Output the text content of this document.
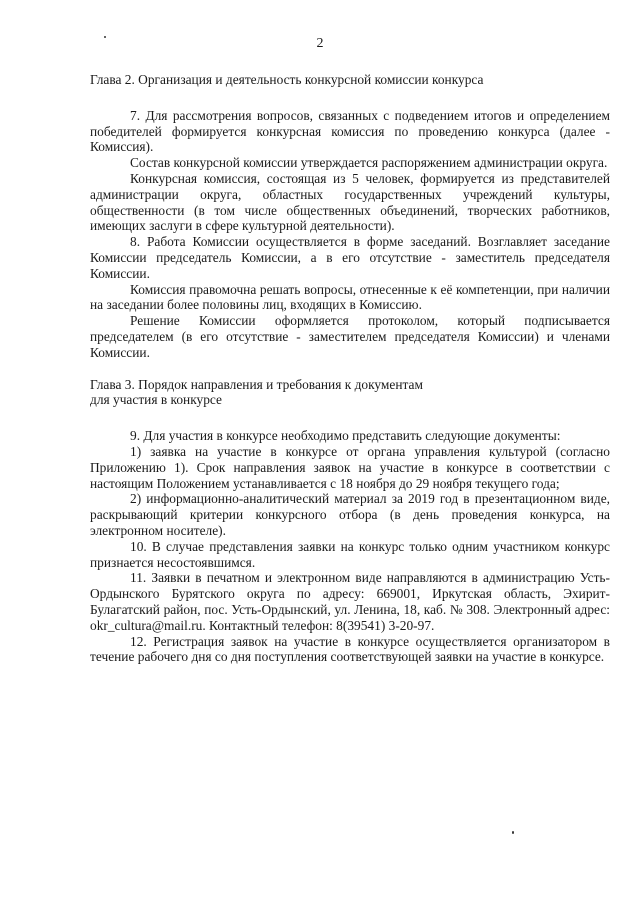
2

Глава 2. Организация и деятельность конкурсной комиссии конкурса

7. Для рассмотрения вопросов, связанных с подведением итогов и определением победителей формируется конкурсная комиссия по проведению конкурса (далее - Комиссия).

Состав конкурсной комиссии утверждается распоряжением администрации округа.

Конкурсная комиссия, состоящая из 5 человек, формируется из представителей администрации округа, областных государственных учреждений культуры, общественности (в том числе общественных объединений, творческих работников, имеющих заслуги в сфере культурной деятельности).

8. Работа Комиссии осуществляется в форме заседаний. Возглавляет заседание Комиссии председатель Комиссии, а в его отсутствие - заместитель председателя Комиссии.

Комиссия правомочна решать вопросы, отнесенные к её компетенции, при наличии на заседании более половины лиц, входящих в Комиссию.

Решение Комиссии оформляется протоколом, который подписывается председателем (в его отсутствие - заместителем председателя Комиссии) и членами Комиссии.

Глава 3. Порядок направления и требования к документам

для участия в конкурсе

9. Для участия в конкурсе необходимо представить следующие документы:

1) заявка на участие в конкурсе от органа управления культурой (согласно Приложению 1). Срок направления заявок на участие в конкурсе в соответствии с настоящим Положением устанавливается с 18 ноября до 29 ноября текущего года;

2) информационно-аналитический материал за 2019 год в презентационном виде, раскрывающий критерии конкурсного отбора (в день проведения конкурса, на электронном носителе).

10. В случае представления заявки на конкурс только одним участником конкурс признается несостоявшимся.

11. Заявки в печатном и электронном виде направляются в администрацию Усть-Ордынского Бурятского округа по адресу: 669001, Иркутская область, Эхирит-Булагатский район, пос. Усть-Ордынский, ул. Ленина, 18, каб. № 308. Электронный адрес: okr_cultura@mail.ru. Контактный телефон: 8(39541) 3-20-97.

12. Регистрация заявок на участие в конкурсе осуществляется организатором в течение рабочего дня со дня поступления соответствующей заявки на участие в конкурсе.
